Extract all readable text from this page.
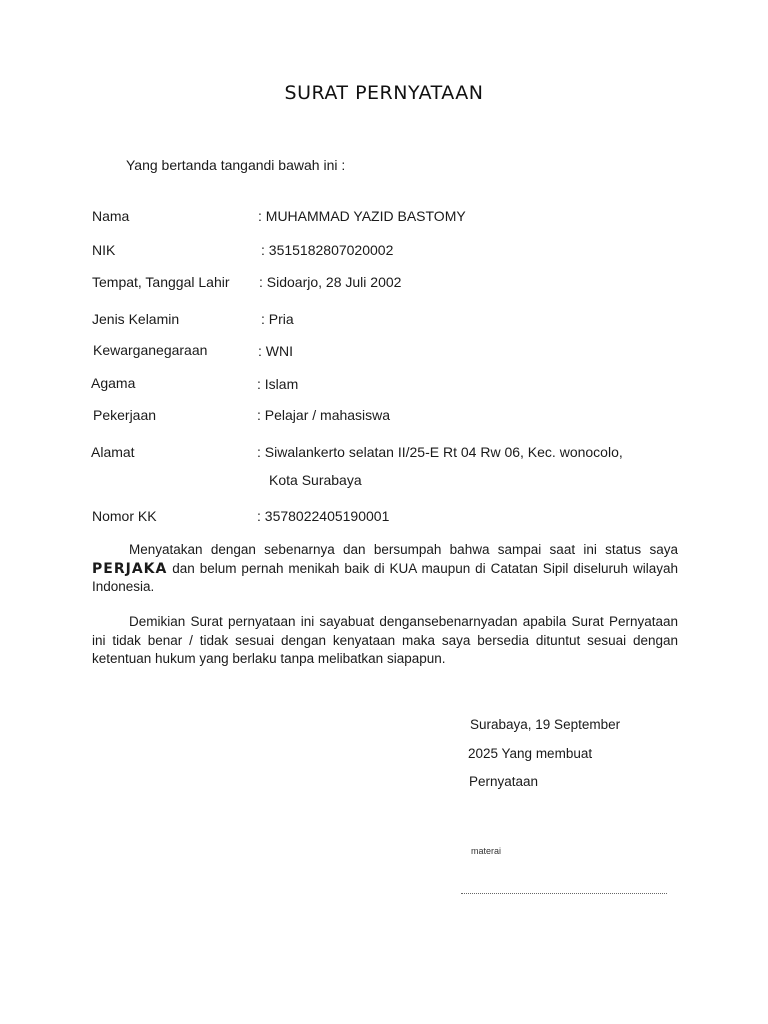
SURAT PERNYATAAN
Yang bertanda tangandi bawah ini :
Nama	: MUHAMMAD YAZID BASTOMY
NIK	: 3515182807020002
Tempat, Tanggal Lahir : Sidoarjo, 28 Juli 2002
Jenis Kelamin	: Pria
Kewarganegaraan	: WNI
Agama	: Islam
Pekerjaan	: Pelajar / mahasiswa
Alamat	: Siwalankerto selatan II/25-E Rt 04 Rw 06, Kec. wonocolo,
Kota Surabaya
Nomor KK	: 3578022405190001
Menyatakan dengan sebenarnya dan bersumpah bahwa sampai saat ini status saya PERJAKA dan belum pernah menikah baik di KUA maupun di Catatan Sipil diseluruh wilayah Indonesia.
Demikian Surat pernyataan ini sayabuat dengansebenarnyadan apabila Surat Pernyataan ini tidak benar / tidak sesuai dengan kenyataan maka saya bersedia dituntut sesuai dengan ketentuan hukum yang berlaku tanpa melibatkan siapapun.
Surabaya, 19 September
2025 Yang membuat
Pernyataan
materai
